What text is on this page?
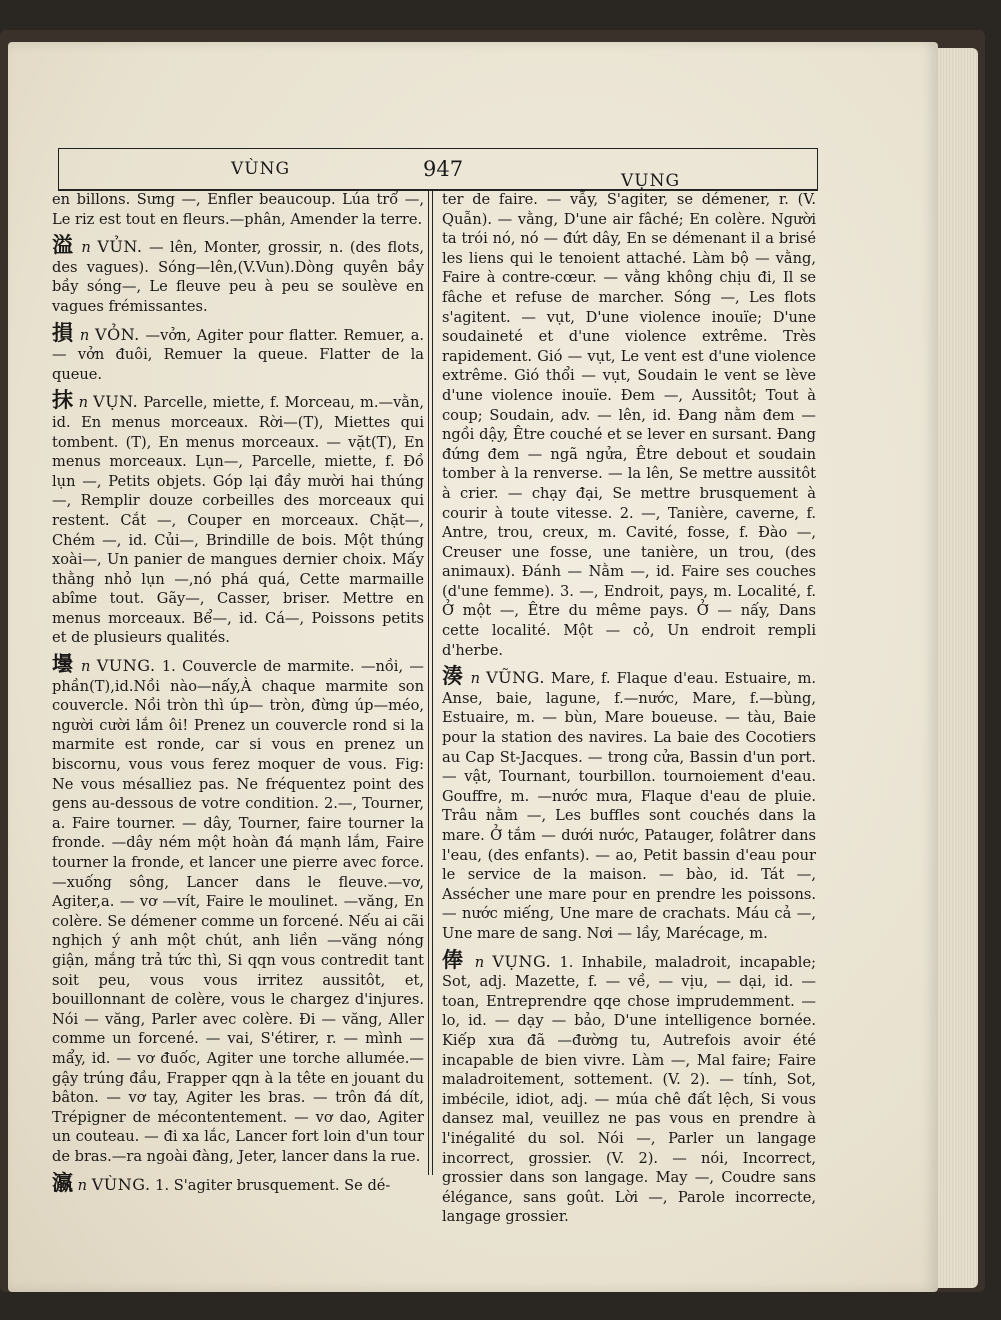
VÙNG	947	VỤNG

en billons. Sưng —, Enfler beaucoup. Lúa trổ —, Le riz est tout en fleurs.—phân, Amender la terre.

溢 n VỦN. — lên, Monter, grossir, n. (des flots, des vagues). Sóng—lên,(V.Vun).Dòng quyên bầy bầy sóng—, Le fleuve peu à peu se soulève en vagues frémissantes.

損 n VỎN. —vởn, Agiter pour flatter. Remuer, a. — vởn đuôi, Remuer la queue. Flatter de la queue.

抹 n VỤN. Parcelle, miette, f. Morceau, m.—vằn, id. En menus morceaux. Rời—(T), Miettes qui tombent. (T), En menus morceaux. — vặt(T), En menus morceaux. Lụn—, Parcelle, miette, f. Đồ lụn —, Petits objets. Góp lại đầy mười hai thúng —, Remplir douze corbeilles des morceaux qui restent. Cắt —, Couper en morceaux. Chặt—, Chém —, id. Củi—, Brindille de bois. Một thúng xoài—, Un panier de mangues dernier choix. Mấy thằng nhỏ lụn —,nó phá quá, Cette marmaille abîme tout. Gãy—, Casser, briser. Mettre en menus morceaux. Bể—, id. Cá—, Poissons petits et de plusieurs qualités.

壜 n VUNG. 1. Couvercle de marmite. —nồi, —phần(T),id.Nồi nào—nấy,À chaque marmite son couvercle. Nồi tròn thì úp— tròn, đừng úp—méo, người cười lắm ôi! Prenez un couvercle rond si la marmite est ronde, car si vous en prenez un biscornu, vous vous ferez moquer de vous. Fig: Ne vous mésalliez pas. Ne fréquentez point des gens au-dessous de votre condition. 2.—, Tourner, a. Faire tourner. — dây, Tourner, faire tourner la fronde. —dây ném một hoàn đá mạnh lắm, Faire tourner la fronde, et lancer une pierre avec force. —xuống sông, Lancer dans le fleuve.—vơ, Agiter,a. — vơ —vít, Faire le moulinet. —văng, En colère. Se démener comme un forcené. Nếu ai cãi nghịch ý anh một chút, anh liền —văng nóng giận, mắng trả tức thì, Si qqn vous contredit tant soit peu, vous vous irritez aussitôt, et, bouillonnant de colère, vous le chargez d'injures. Nói — văng, Parler avec colère. Đi — văng, Aller comme un forcené. — vai, S'étirer, r. — mình — mẩy, id. — vơ đuốc, Agiter une torche allumée.—gậy trúng đầu, Frapper qqn à la tête en jouant du bâton. — vơ tay, Agiter les bras. — trôn đá dít, Trépigner de mécontentement. — vơ dao, Agiter un couteau. — đi xa lắc, Lancer fort loin d'un tour de bras.—ra ngoài đàng, Jeter, lancer dans la rue.

瀛 n VÙNG. 1. S'agiter brusquement. Se dé-

ter de faire. — vẫy, S'agiter, se démener, r. (V. Quẫn). — vằng, D'une air fâché; En colère. Người ta trói nó, nó — đứt dây, En se démenant il a brisé les liens qui le tenoient attaché. Làm bộ — vằng, Faire à contre-cœur. — vằng không chịu đi, Il se fâche et refuse de marcher. Sóng —, Les flots s'agitent. — vụt, D'une violence inouïe; D'une soudaineté et d'une violence extrême. Très rapidement. Gió — vụt, Le vent est d'une violence extrême. Gió thổi — vụt, Soudain le vent se lève d'une violence inouïe. Đem —, Aussitôt; Tout à coup; Soudain, adv. — lên, id. Đang nằm đem — ngồi dậy, Être couché et se lever en sursant. Đang đứng đem — ngã ngửa, Être debout et soudain tomber à la renverse. — la lên, Se mettre aussitôt à crier. — chạy đại, Se mettre brusquement à courir à toute vitesse. 2. —, Tanière, caverne, f. Antre, trou, creux, m. Cavité, fosse, f. Đào —, Creuser une fosse, une tanière, un trou, (des animaux). Đánh — Nằm —, id. Faire ses couches (d'une femme). 3. —, Endroit, pays, m. Localité, f. Ở một —, Être du même pays. Ở — nấy, Dans cette localité. Một — cỏ, Un endroit rempli d'herbe.

湊 n VŨNG. Mare, f. Flaque d'eau. Estuaire, m. Anse, baie, lagune, f.—nước, Mare, f.—bùng, Estuaire, m. — bùn, Mare boueuse. — tàu, Baie pour la station des navires. La baie des Cocotiers au Cap St-Jacques. — trong cửa, Bassin d'un port. — vật, Tournant, tourbillon. tournoiement d'eau. Gouffre, m. —nước mưa, Flaque d'eau de pluie. Trâu nằm —, Les buffles sont couchés dans la mare. Ở tắm — dưới nước, Patauger, folâtrer dans l'eau, (des enfants). — ao, Petit bassin d'eau pour le service de la maison. — bào, id. Tát —, Assécher une mare pour en prendre les poissons. — nước miếng, Une mare de crachats. Máu cả —, Une mare de sang. Nơi — lầy, Marécage, m.

俸 n VỤNG. 1. Inhabile, maladroit, incapable; Sot, adj. Mazette, f. — về, — vịu, — dại, id. — toan, Entreprendre qqe chose imprudemment. — lo, id. — dạy — bảo, D'une intelligence bornée. Kiếp xưa đã —đường tu, Autrefois avoir été incapable de bien vivre. Làm —, Mal faire; Faire maladroitement, sottement. (V. 2). — tính, Sot, imbécile, idiot, adj. — múa chê đất lệch, Si vous dansez mal, veuillez ne pas vous en prendre à l'inégalité du sol. Nói —, Parler un langage incorrect, grossier. (V. 2). — nói, Incorrect, grossier dans son langage. May —, Coudre sans élégance, sans goût. Lời —, Parole incorrecte, langage grossier.
